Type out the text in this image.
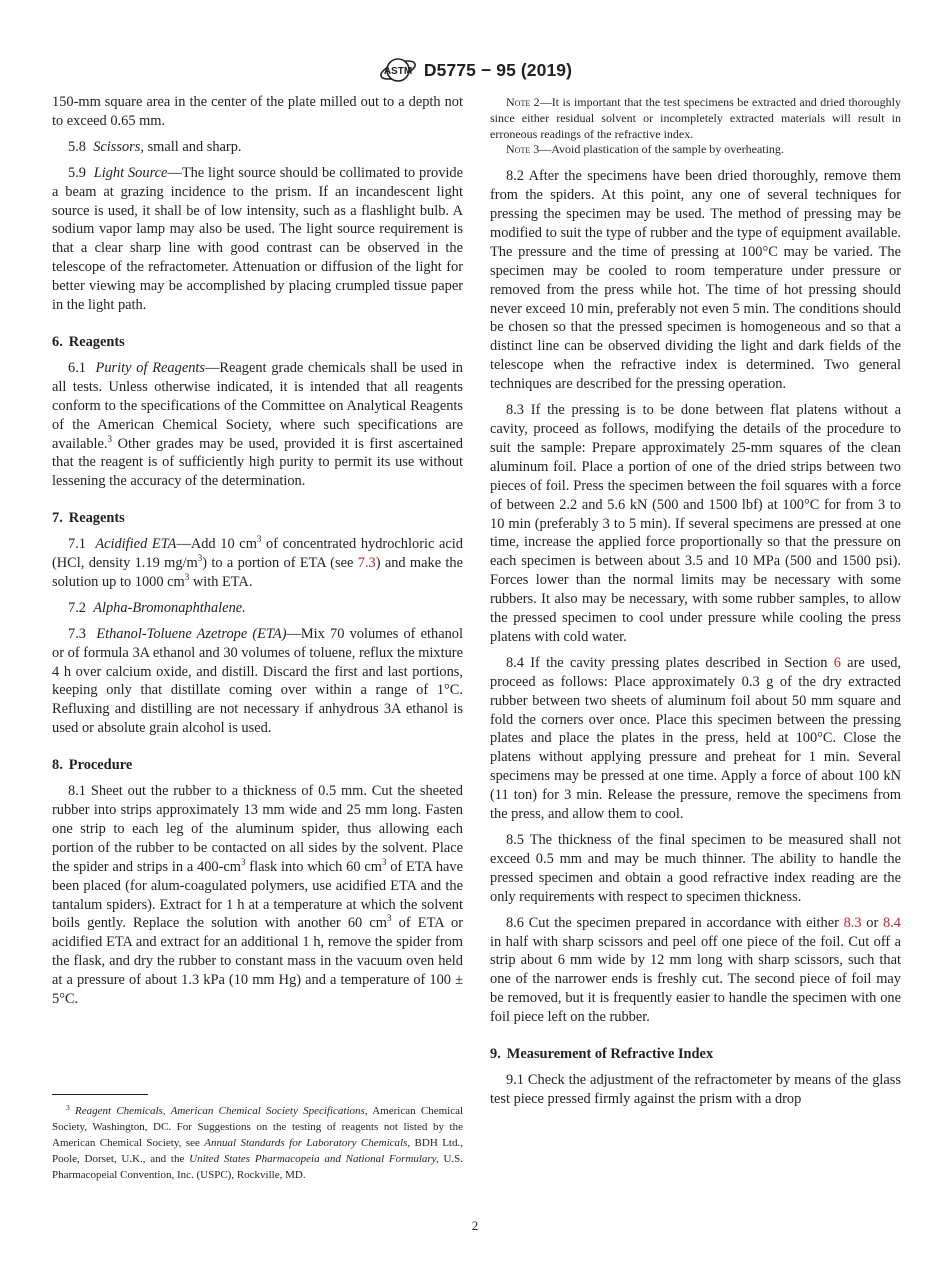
ASTM D5775 − 95 (2019)

150-mm square area in the center of the plate milled out to a depth not to exceed 0.65 mm.

5.8 Scissors, small and sharp.

5.9 Light Source—The light source should be collimated to provide a beam at grazing incidence to the prism. If an incandescent light source is used, it shall be of low intensity, such as a flashlight bulb. A sodium vapor lamp may also be used. The light source requirement is that a clear sharp line with good contrast can be observed in the telescope of the refractometer. Attenuation or diffusion of the light for better viewing may be accomplished by placing crumpled tissue paper in the light path.

6. Reagents

6.1 Purity of Reagents—Reagent grade chemicals shall be used in all tests. Unless otherwise indicated, it is intended that all reagents conform to the specifications of the Committee on Analytical Reagents of the American Chemical Society, where such specifications are available.$^3$ Other grades may be used, provided it is first ascertained that the reagent is of sufficiently high purity to permit its use without lessening the accuracy of the determination.

7. Reagents

7.1 Acidified ETA—Add 10 $cm^3$ of concentrated hydrochloric acid (HCl, density 1.19 $mg/m^3$) to a portion of ETA (see 7.3) and make the solution up to 1000 $cm^3$ with ETA.

7.2 Alpha-Bromonaphthalene.

7.3 Ethanol-Toluene Azetrope (ETA)—Mix 70 volumes of ethanol or of formula 3A ethanol and 30 volumes of toluene, reflux the mixture 4 h over calcium oxide, and distill. Discard the first and last portions, keeping only that distillate coming over within a range of 1°C. Refluxing and distilling are not necessary if anhydrous 3A ethanol is used or absolute grain alcohol is used.

8. Procedure

8.1 Sheet out the rubber to a thickness of 0.5 mm. Cut the sheeted rubber into strips approximately 13 mm wide and 25 mm long. Fasten one strip to each leg of the aluminum spider, thus allowing each portion of the rubber to be contacted on all sides by the solvent. Place the spider and strips in a $400-cm^3$ flask into which 60 $cm^3$ of ETA have been placed (for alum-coagulated polymers, use acidified ETA and the tantalum spiders). Extract for 1 h at a temperature at which the solvent boils gently. Replace the solution with another 60 $cm^3$ of ETA or acidified ETA and extract for an additional 1 h, remove the spider from the flask, and dry the rubber to constant mass in the vacuum oven held at a pressure of about 1.3 kPa (10 mm Hg) and a temperature of 100 ± 5°C.

$^3$ Reagent Chemicals, American Chemical Society Specifications, American Chemical Society, Washington, DC. For Suggestions on the testing of reagents not listed by the American Chemical Society, see Annual Standards for Laboratory Chemicals, BDH Ltd., Poole, Dorset, U.K., and the United States Pharmacopeia and National Formulary, U.S. Pharmacopeial Convention, Inc. (USPC), Rockville, MD.

Note 2—It is important that the test specimens be extracted and dried thoroughly since either residual solvent or incompletely extracted materials will result in erroneous readings of the refractive index.

Note 3—Avoid plastication of the sample by overheating.

8.2 After the specimens have been dried thoroughly, remove them from the spiders. At this point, any one of several techniques for pressing the specimen may be used. The method of pressing may be modified to suit the type of rubber and the type of equipment available. The pressure and the time of pressing at 100°C may be varied. The specimen may be cooled to room temperature under pressure or removed from the press while hot. The time of hot pressing should never exceed 10 min, preferably not even 5 min. The conditions should be chosen so that the pressed specimen is homogeneous and so that a distinct line can be observed dividing the light and dark fields of the telescope when the refractive index is determined. Two general techniques are described for the pressing operation.

8.3 If the pressing is to be done between flat platens without a cavity, proceed as follows, modifying the details of the procedure to suit the sample: Prepare approximately 25-mm squares of the clean aluminum foil. Place a portion of one of the dried strips between two pieces of foil. Press the specimen between the foil squares with a force of between 2.2 and 5.6 kN (500 and 1500 lbf) at 100°C for from 3 to 10 min (preferably 3 to 5 min). If several specimens are pressed at one time, increase the applied force proportionally so that the pressure on each specimen is between about 3.5 and 10 MPa (500 and 1500 psi). Forces lower than the normal limits may be necessary with some rubbers. It also may be necessary, with some rubber samples, to allow the pressed specimen to cool under pressure while cooling the press platens with cold water.

8.4 If the cavity pressing plates described in Section 6 are used, proceed as follows: Place approximately 0.3 g of the dry extracted rubber between two sheets of aluminum foil about 50 mm square and fold the corners over once. Place this specimen between the pressing plates and place the plates in the press, held at 100°C. Close the platens without applying pressure and preheat for 1 min. Several specimens may be pressed at one time. Apply a force of about 100 kN (11 ton) for 3 min. Release the pressure, remove the specimens from the press, and allow them to cool.

8.5 The thickness of the final specimen to be measured shall not exceed 0.5 mm and may be much thinner. The ability to handle the pressed specimen and obtain a good refractive index reading are the only requirements with respect to specimen thickness.

8.6 Cut the specimen prepared in accordance with either 8.3 or 8.4 in half with sharp scissors and peel off one piece of the foil. Cut off a strip about 6 mm wide by 12 mm long with sharp scissors, such that one of the narrower ends is freshly cut. The second piece of foil may be removed, but it is frequently easier to handle the specimen with one foil piece left on the rubber.

9. Measurement of Refractive Index

9.1 Check the adjustment of the refractometer by means of the glass test piece pressed firmly against the prism with a drop

2
